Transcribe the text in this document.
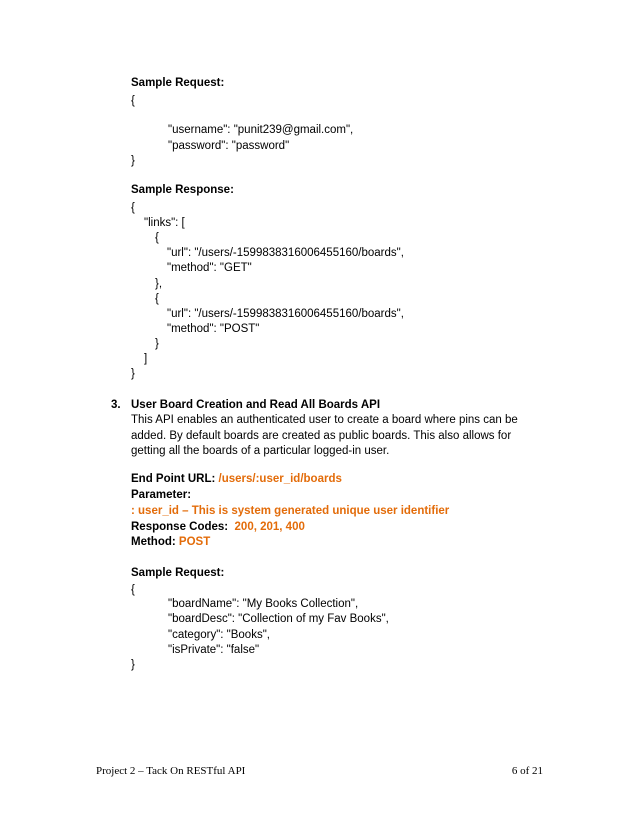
Sample Request:
{
"username": "punit239@gmail.com",
"password": "password"
}
Sample Response:
{
"links": [
{
"url": "/users/-1599838316006455160/boards",
"method": "GET"
},
{
"url": "/users/-1599838316006455160/boards",
"method": "POST"
}
]
}
3. User Board Creation and Read All Boards API
This API enables an authenticated user to create a board where pins can be
added. By default boards are created as public boards. This also allows for
getting all the boards of a particular logged-in user.
End Point URL: /users/:user_id/boards
Parameter:
: user_id – This is system generated unique user identifier
Response Codes:  200, 201, 400
Method: POST
Sample Request:
{
"boardName": "My Books Collection",
"boardDesc": "Collection of my Fav Books",
"category": "Books",
"isPrivate": "false"
}
Project 2 – Tack On RESTful API	6 of 21
